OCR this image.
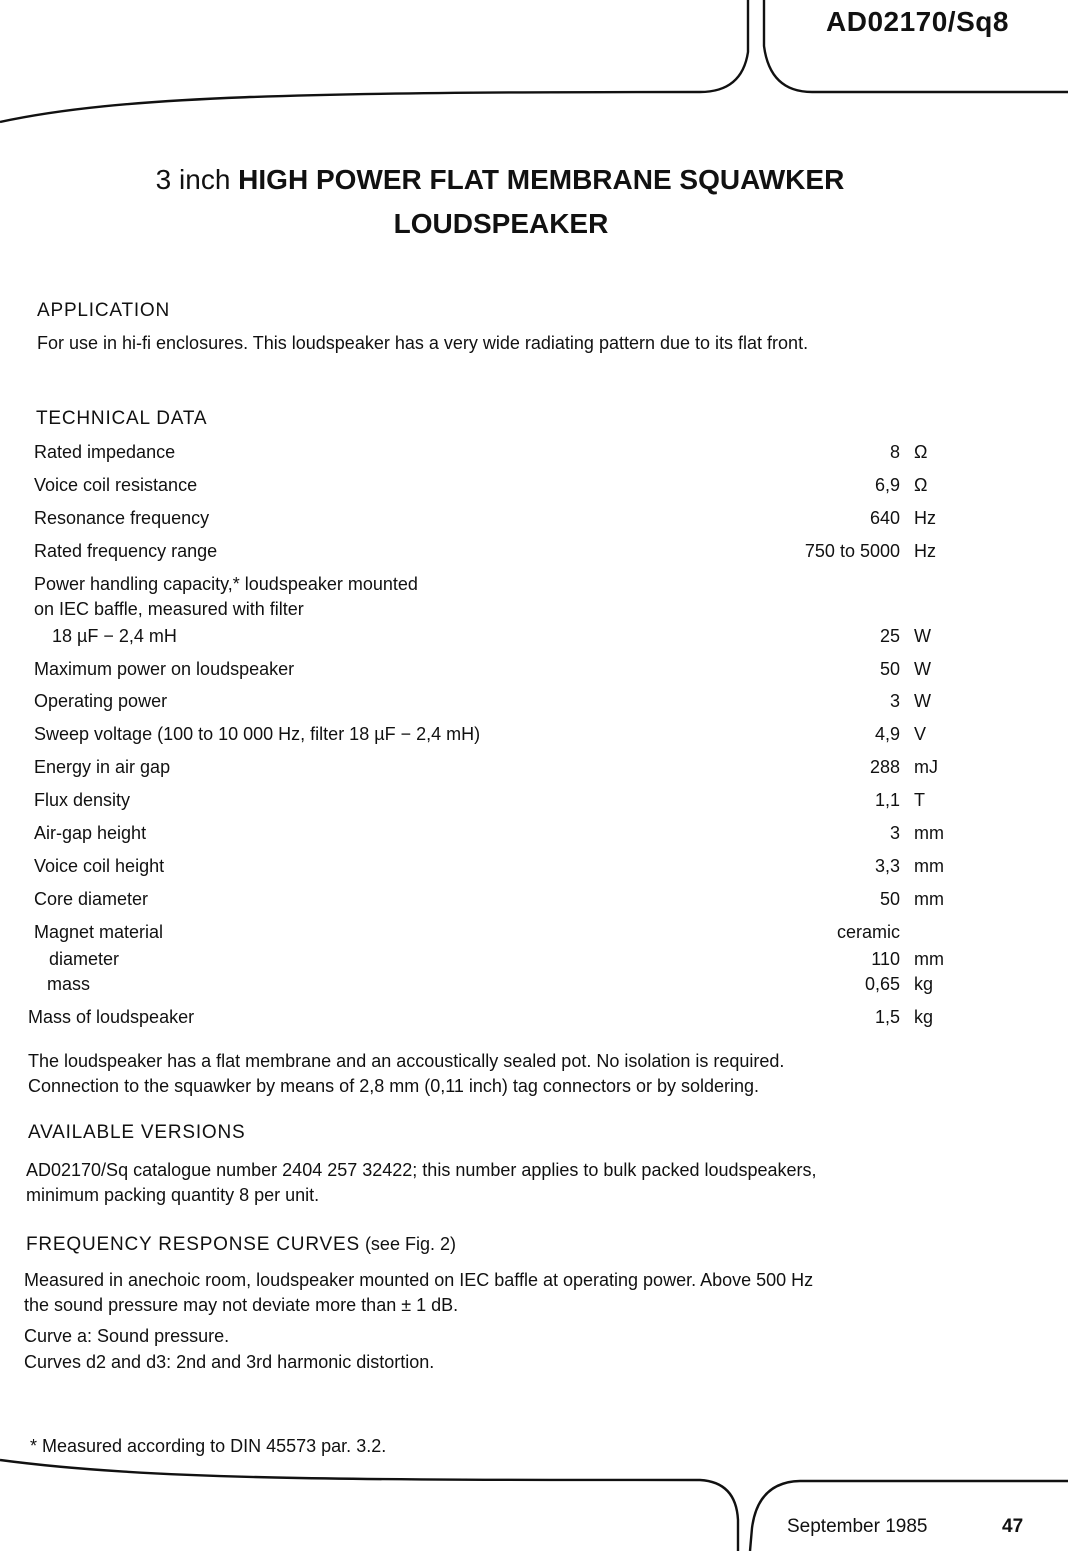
AD02170/Sq8
3 inch HIGH POWER FLAT MEMBRANE SQUAWKER
LOUDSPEAKER
APPLICATION
For use in hi-fi enclosures. This loudspeaker has a very wide radiating pattern due to its flat front.
TECHNICAL DATA
Rated impedance	8 Ω
Voice coil resistance	6,9 Ω
Resonance frequency	640 Hz
Rated frequency range	750 to 5000 Hz
Power handling capacity,* loudspeaker mounted
on IEC baffle, measured with filter
18 µF − 2,4 mH	25 W
Maximum power on loudspeaker	50 W
Operating power	3 W
Sweep voltage (100 to 10 000 Hz, filter 18 µF − 2,4 mH)	4,9 V
Energy in air gap	288 mJ
Flux density	1,1 T
Air-gap height	3 mm
Voice coil height	3,3 mm
Core diameter	50 mm
Magnet material	ceramic
diameter	110 mm
mass	0,65 kg
Mass of loudspeaker	1,5 kg
The loudspeaker has a flat membrane and an accoustically sealed pot. No isolation is required.
Connection to the squawker by means of 2,8 mm (0,11 inch) tag connectors or by soldering.
AVAILABLE VERSIONS
AD02170/Sq catalogue number 2404 257 32422; this number applies to bulk packed loudspeakers,
minimum packing quantity 8 per unit.
FREQUENCY RESPONSE CURVES (see Fig. 2)
Measured in anechoic room, loudspeaker mounted on IEC baffle at operating power. Above 500 Hz
the sound pressure may not deviate more than ± 1 dB.
Curve a: Sound pressure.
Curves d2 and d3: 2nd and 3rd harmonic distortion.
* Measured according to DIN 45573 par. 3.2.
September 1985	47
